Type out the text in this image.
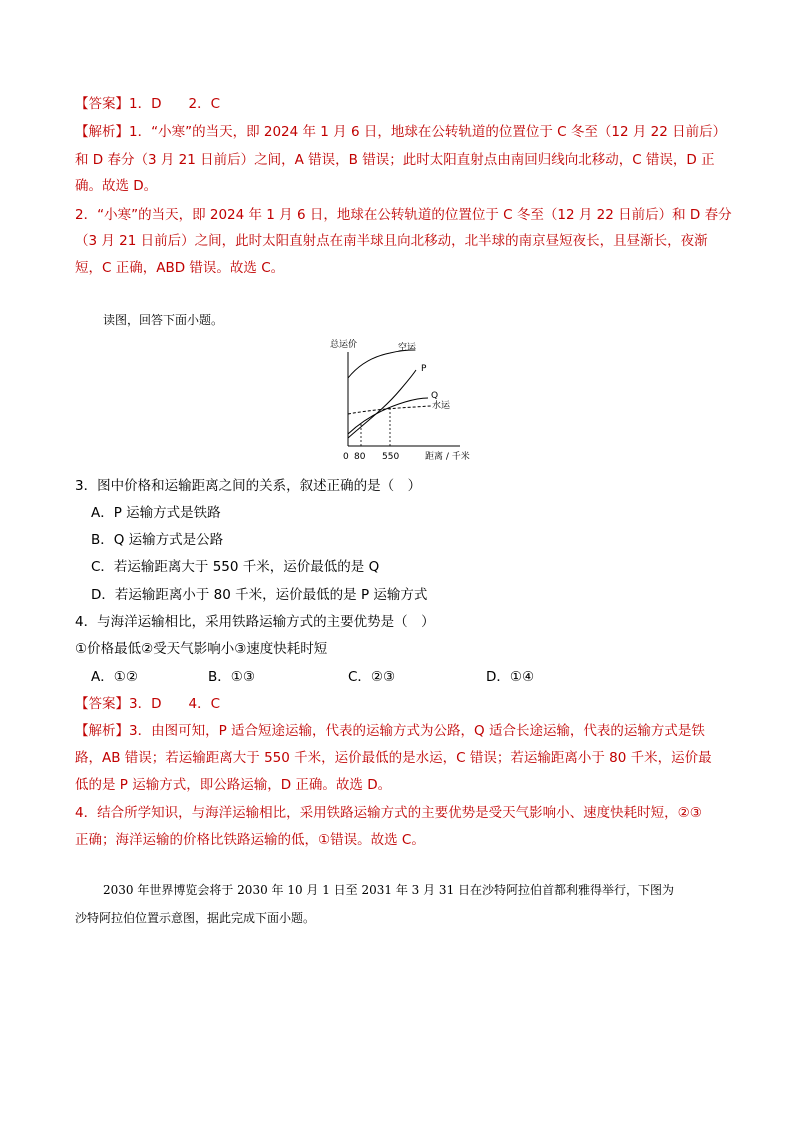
【答案】1．D　　2．C
【解析】1．“小寒”的当天，即 2024 年 1 月 6 日，地球在公转轨道的位置位于 C 冬至（12 月 22 日前后）
和 D 春分（3 月 21 日前后）之间，A 错误，B 错误；此时太阳直射点由南回归线向北移动，C 错误，D 正
确。故选 D。
2．“小寒”的当天，即 2024 年 1 月 6 日，地球在公转轨道的位置位于 C 冬至（12 月 22 日前后）和 D 春分
（3 月 21 日前后）之间，此时太阳直射点在南半球且向北移动，北半球的南京昼短夜长，且昼渐长，夜渐
短，C 正确，ABD 错误。故选 C。
读图，回答下面小题。
总运价
距离 / 千米
0 80 550
空运
P
Q
水运
3．图中价格和运输距离之间的关系，叙述正确的是（　）
A．P 运输方式是铁路
B．Q 运输方式是公路
C．若运输距离大于 550 千米，运价最低的是 Q
D．若运输距离小于 80 千米，运价最低的是 P 运输方式
4．与海洋运输相比，采用铁路运输方式的主要优势是（　）
①价格最低②受天气影响小③速度快耗时短
A．①②	B．①③	C．②③	D．①④
【答案】3．D　　4．C
【解析】3．由图可知，P 适合短途运输，代表的运输方式为公路，Q 适合长途运输，代表的运输方式是铁
路，AB 错误；若运输距离大于 550 千米，运价最低的是水运，C 错误；若运输距离小于 80 千米，运价最
低的是 P 运输方式，即公路运输，D 正确。故选 D。
4．结合所学知识，与海洋运输相比，采用铁路运输方式的主要优势是受天气影响小、速度快耗时短，②③
正确；海洋运输的价格比铁路运输的低，①错误。故选 C。
2030 年世界博览会将于 2030 年 10 月 1 日至 2031 年 3 月 31 日在沙特阿拉伯首都利雅得举行，下图为
沙特阿拉伯位置示意图，据此完成下面小题。
